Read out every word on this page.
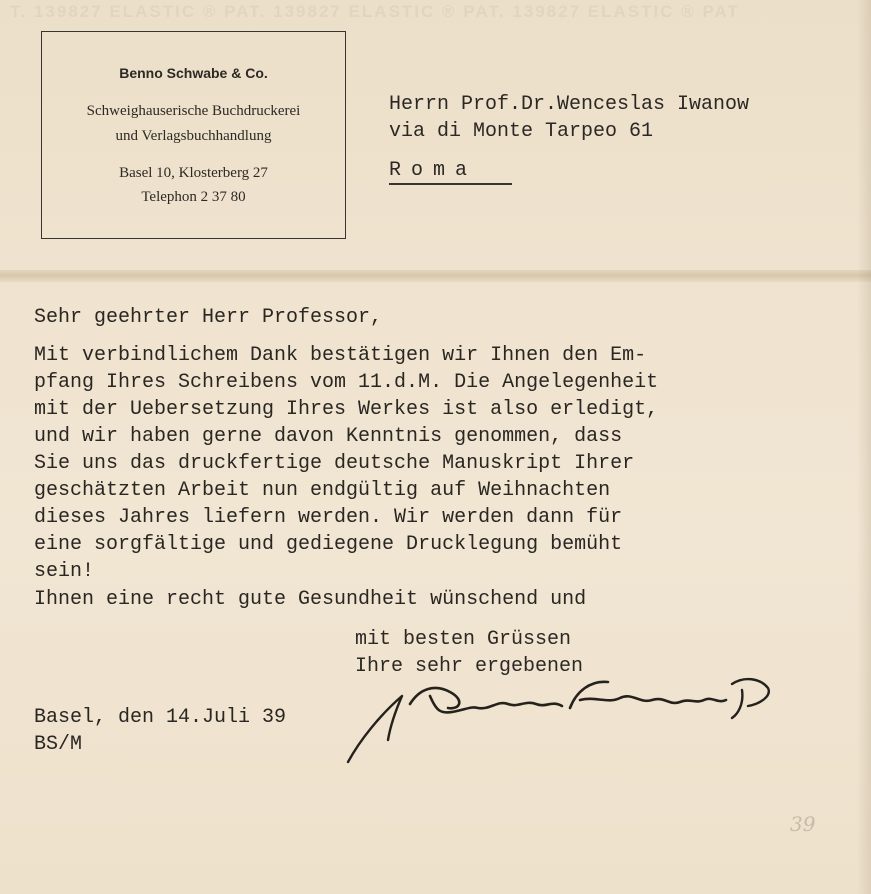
T. 139827 ELASTIC ® PAT. 139827 ELASTIC ® PAT. 139827 ELASTIC ® PAT
Benno Schwabe & Co.
Schweighauserische Buchdruckerei
und Verlagsbuchhandlung
Basel 10, Klosterberg 27
Telephon 2 37 80
Herrn Prof.Dr.Wenceslas Iwanow
via di Monte Tarpeo 61
Roma
Sehr geehrter Herr Professor,
Mit verbindlichem Dank bestätigen wir Ihnen den Em-
pfang Ihres Schreibens vom 11.d.M. Die Angelegenheit
mit der Uebersetzung Ihres Werkes ist also erledigt,
und wir haben gerne davon Kenntnis genommen, dass
Sie uns das druckfertige deutsche Manuskript Ihrer
geschätzten Arbeit nun endgültig auf Weihnachten
dieses Jahres liefern werden. Wir werden dann für
eine sorgfältige und gediegene Drucklegung bemüht
sein!
Ihnen eine recht gute Gesundheit wünschend und
mit besten Grüssen
Ihre sehr ergebenen
Basel, den 14.Juli 39
BS/M
39
